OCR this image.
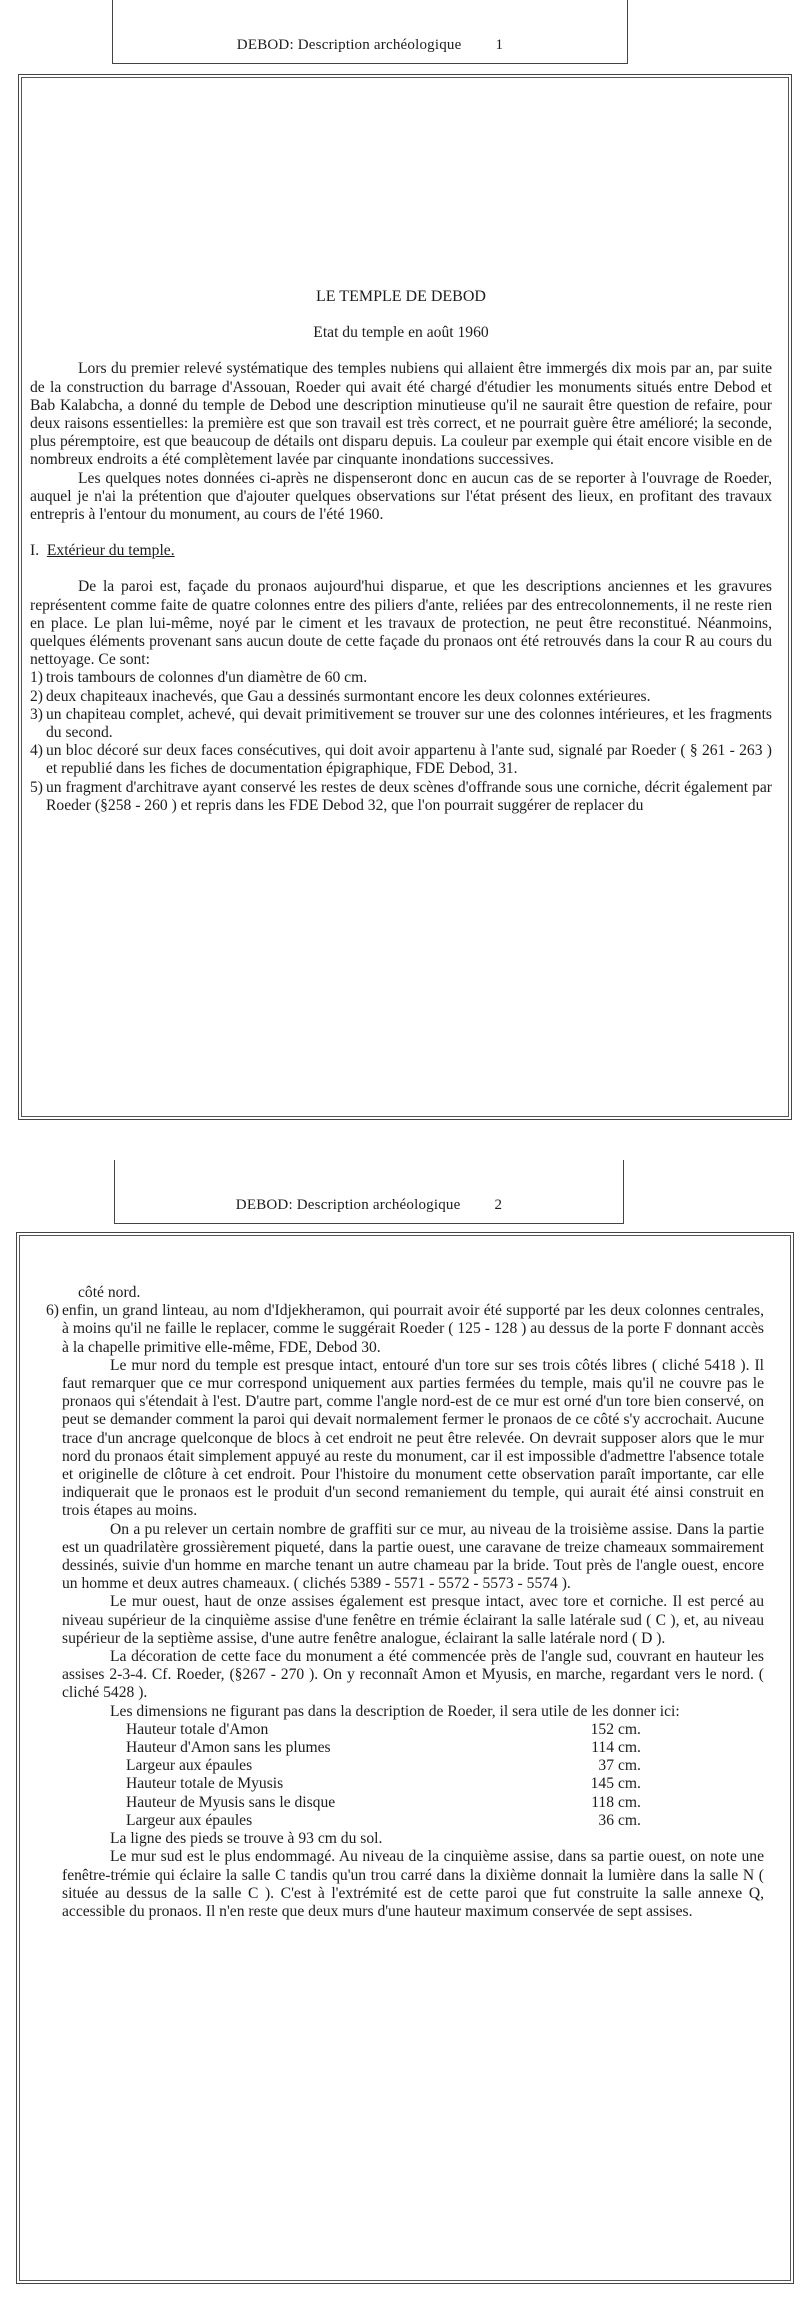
DEBOD: Description archéologique 1

LE TEMPLE DE DEBOD

Etat du temple en août 1960

Lors du premier relevé systématique des temples nubiens qui allaient être immergés dix mois par an, par suite de la construction du barrage d'Assouan, Roeder qui avait été chargé d'étudier les monuments situés entre Debod et Bab Kalabcha, a donné du temple de Debod une description minutieuse qu'il ne saurait être question de refaire, pour deux raisons essentielles: la première est que son travail est très correct, et ne pourrait guère être amélioré; la seconde, plus péremptoire, est que beaucoup de détails ont disparu depuis. La couleur par exemple qui était encore visible en de nombreux endroits a été complètement lavée par cinquante inondations successives.

Les quelques notes données ci-après ne dispenseront donc en aucun cas de se reporter à l'ouvrage de Roeder, auquel je n'ai la prétention que d'ajouter quelques observations sur l'état présent des lieux, en profitant des travaux entrepris à l'entour du monument, au cours de l'été 1960.

I. Extérieur du temple.

De la paroi est, façade du pronaos aujourd'hui disparue, et que les descriptions anciennes et les gravures représentent comme faite de quatre colonnes entre des piliers d'ante, reliées par des entrecolonnements, il ne reste rien en place. Le plan lui-même, noyé par le ciment et les travaux de protection, ne peut être reconstitué. Néanmoins, quelques éléments provenant sans aucun doute de cette façade du pronaos ont été retrouvés dans la cour R au cours du nettoyage. Ce sont:

1) trois tambours de colonnes d'un diamètre de 60 cm.
2) deux chapiteaux inachevés, que Gau a dessinés surmontant encore les deux colonnes extérieures.
3) un chapiteau complet, achevé, qui devait primitivement se trouver sur une des colonnes intérieures, et les fragments du second.
4) un bloc décoré sur deux faces consécutives, qui doit avoir appartenu à l'ante sud, signalé par Roeder ( § 261 - 263 ) et republié dans les fiches de documentation épigraphique, FDE Debod, 31.
5) un fragment d'architrave ayant conservé les restes de deux scènes d'offrande sous une corniche, décrit également par Roeder (§258 - 260 ) et repris dans les FDE Debod 32, que l'on pourrait suggérer de replacer du
DEBOD: Description archéologique 2

côté nord.

6) enfin, un grand linteau, au nom d'Idjekheramon, qui pourrait avoir été supporté par les deux colonnes centrales, à moins qu'il ne faille le replacer, comme le suggérait Roeder ( 125 - 128 ) au dessus de la porte F donnant accès à la chapelle primitive elle-même, FDE, Debod 30.

Le mur nord du temple est presque intact, entouré d'un tore sur ses trois côtés libres ( cliché 5418 ). Il faut remarquer que ce mur correspond uniquement aux parties fermées du temple, mais qu'il ne couvre pas le pronaos qui s'étendait à l'est. D'autre part, comme l'angle nord-est de ce mur est orné d'un tore bien conservé, on peut se demander comment la paroi qui devait normalement fermer le pronaos de ce côté s'y accrochait. Aucune trace d'un ancrage quelconque de blocs à cet endroit ne peut être relevée. On devrait supposer alors que le mur nord du pronaos était simplement appuyé au reste du monument, car il est impossible d'admettre l'absence totale et originelle de clôture à cet endroit. Pour l'histoire du monument cette observation paraît importante, car elle indiquerait que le pronaos est le produit d'un second remaniement du temple, qui aurait été ainsi construit en trois étapes au moins.

On a pu relever un certain nombre de graffiti sur ce mur, au niveau de la troisième assise. Dans la partie est un quadrilatère grossièrement piqueté, dans la partie ouest, une caravane de treize chameaux sommairement dessinés, suivie d'un homme en marche tenant un autre chameau par la bride. Tout près de l'angle ouest, encore un homme et deux autres chameaux. ( clichés 5389 - 5571 - 5572 - 5573 - 5574 ).

Le mur ouest, haut de onze assises également est presque intact, avec tore et corniche. Il est percé au niveau supérieur de la cinquième assise d'une fenêtre en trémie éclairant la salle latérale sud ( C ), et, au niveau supérieur de la septième assise, d'une autre fenêtre analogue, éclairant la salle latérale nord ( D ).

La décoration de cette face du monument a été commencée près de l'angle sud, couvrant en hauteur les assises 2-3-4. Cf. Roeder, (§267 - 270 ). On y reconnaît Amon et Myusis, en marche, regardant vers le nord. ( cliché 5428 ).

Les dimensions ne figurant pas dans la description de Roeder, il sera utile de les donner ici:

Hauteur totale d'Amon	152	cm.
Hauteur d'Amon sans les plumes	114	cm.
Largeur aux épaules	37	cm.
Hauteur totale de Myusis	145	cm.
Hauteur de Myusis sans le disque	118	cm.
Largeur aux épaules	36	cm.

La ligne des pieds se trouve à 93 cm du sol.

Le mur sud est le plus endommagé. Au niveau de la cinquième assise, dans sa partie ouest, on note une fenêtre-trémie qui éclaire la salle C tandis qu'un trou carré dans la dixième donnait la lumière dans la salle N ( située au dessus de la salle C ). C'est à l'extrémité est de cette paroi que fut construite la salle annexe Q, accessible du pronaos. Il n'en reste que deux murs d'une hauteur maximum conservée de sept assises.
